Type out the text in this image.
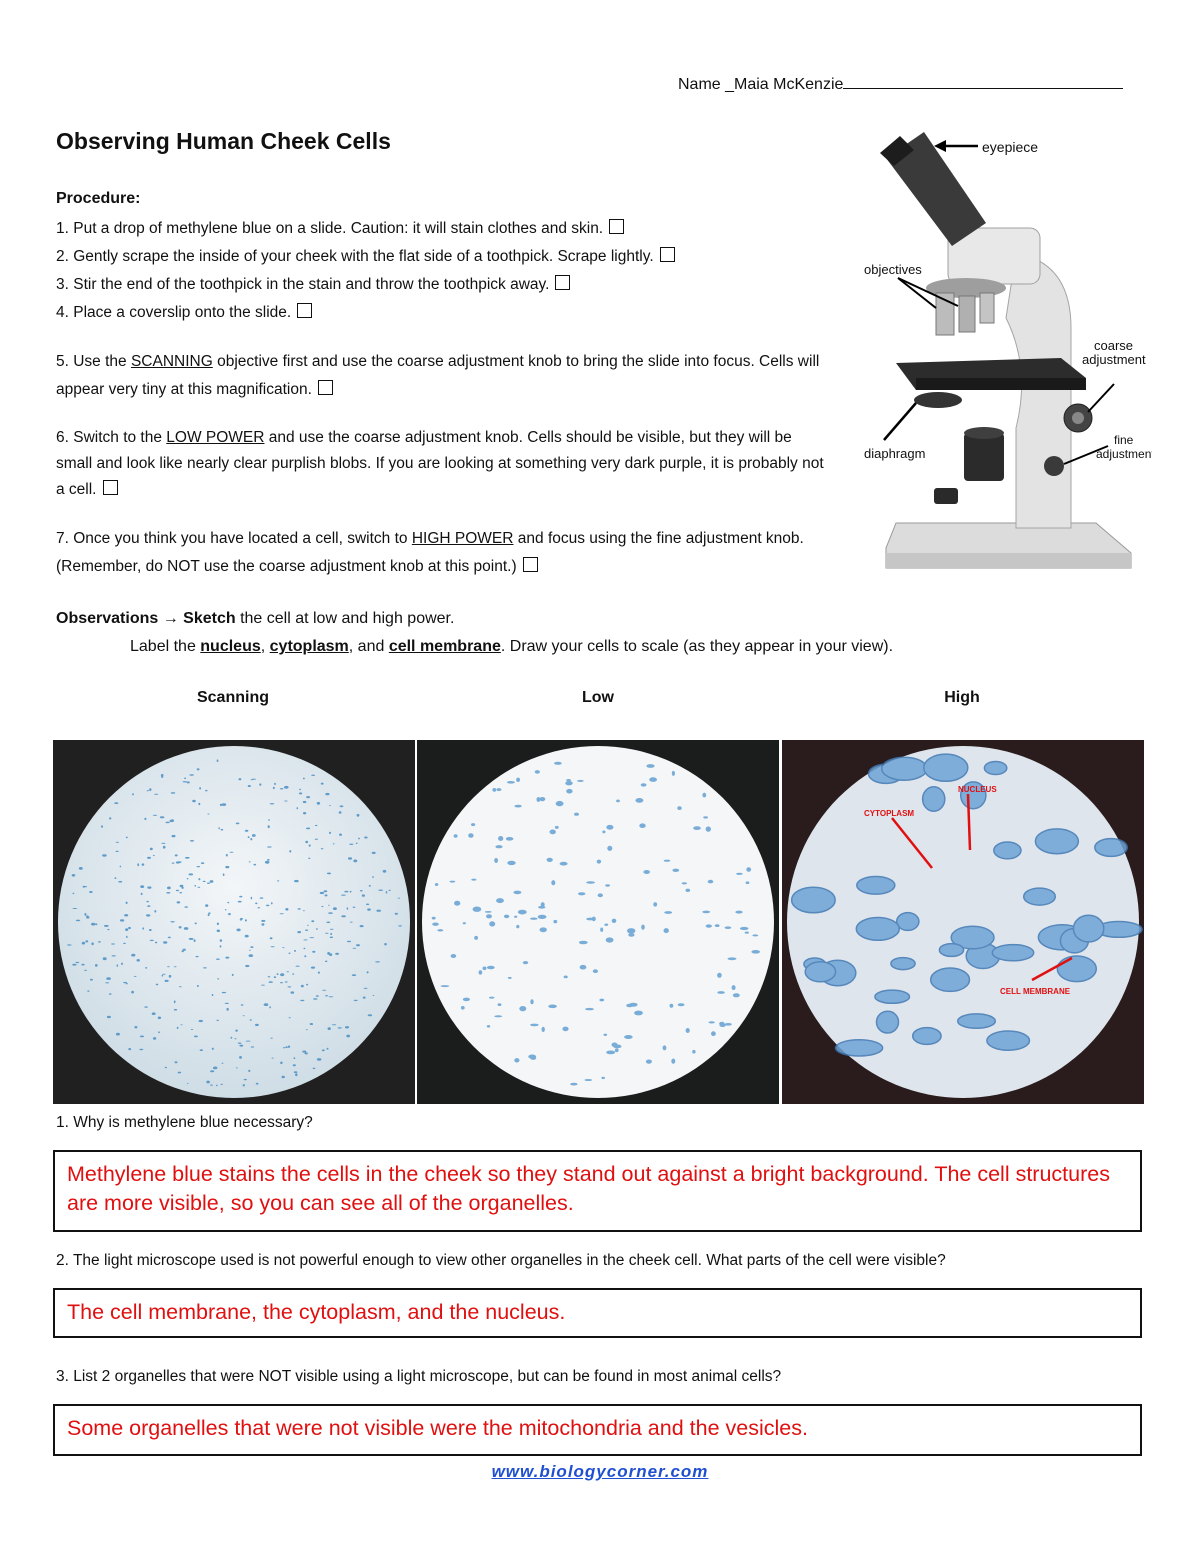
Name _Maia McKenzie
Observing Human Cheek Cells
Procedure:
1. Put a drop of methylene blue on a slide. Caution: it will stain clothes and skin.
2. Gently scrape the inside of your cheek with the flat side of a toothpick. Scrape lightly.
3. Stir the end of the toothpick in the stain and throw the toothpick away.
4. Place a coverslip onto the slide.
5. Use the SCANNING objective first and use the coarse adjustment knob to bring the slide into focus. Cells will appear very tiny at this magnification.
6. Switch to the LOW POWER and use the coarse adjustment knob. Cells should be visible, but they will be small and look like nearly clear purplish blobs. If you are looking at something very dark purple, it is probably not a cell.
7. Once you think you have located a cell, switch to HIGH POWER and focus using the fine adjustment knob. (Remember, do NOT use the coarse adjustment knob at this point.)
eyepiece
objectives
coarse
adjustment
fine
adjustment
diaphragm
Observations → Sketch the cell at low and high power.
Label the nucleus, cytoplasm, and cell membrane. Draw your cells to scale (as they appear in your view).
Scanning	Low	High
NUCLEUS
CYTOPLASM
CELL MEMBRANE
1. Why is methylene blue necessary?
Methylene blue stains the cells in the cheek so they stand out against a bright background. The cell structures are more visible, so you can see all of the organelles.
2. The light microscope used is not powerful enough to view other organelles in the cheek cell. What parts of the cell were visible?
The cell membrane, the cytoplasm, and the nucleus.
3. List 2 organelles that were NOT visible using a light microscope, but can be found in most animal cells?
Some organelles that were not visible were the mitochondria and the vesicles.
www.biologycorner.com
